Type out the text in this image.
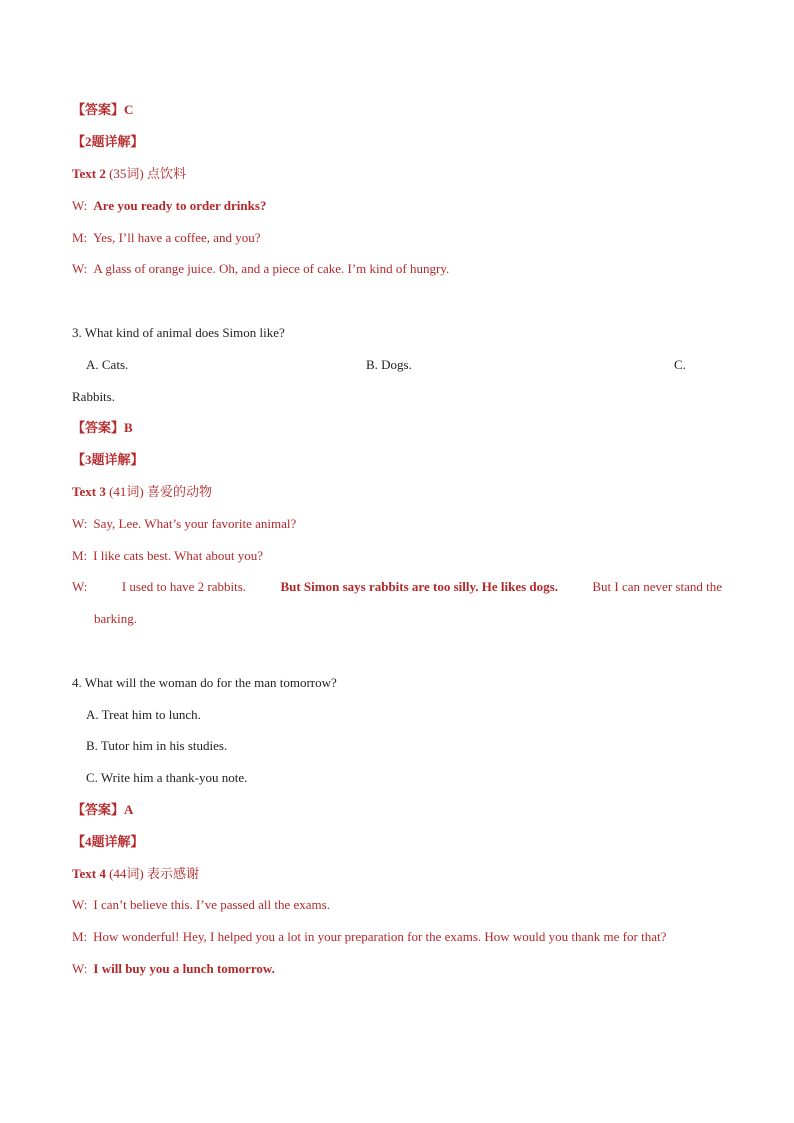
【答案】C
【2题详解】
Text 2 (35词) 点饮料
W: Are you ready to order drinks?
M: Yes, I’ll have a coffee, and you?
W: A glass of orange juice. Oh, and a piece of cake. I’m kind of hungry.
3. What kind of animal does Simon like?
A. Cats.	B. Dogs.	C.
Rabbits.
【答案】B
【3题详解】
Text 3 (41词) 喜爱的动物
W: Say, Lee. What’s your favorite animal?
M: I like cats best. What about you?
W:	I used to have 2 rabbits.	But Simon says rabbits are too silly. He likes dogs.	But I can never stand the
barking.
4. What will the woman do for the man tomorrow?
A. Treat him to lunch.
B. Tutor him in his studies.
C. Write him a thank-you note.
【答案】A
【4题详解】
Text 4 (44词) 表示感谢
W: I can’t believe this. I’ve passed all the exams.
M: How wonderful! Hey, I helped you a lot in your preparation for the exams. How would you thank me for that?
W: I will buy you a lunch tomorrow.
